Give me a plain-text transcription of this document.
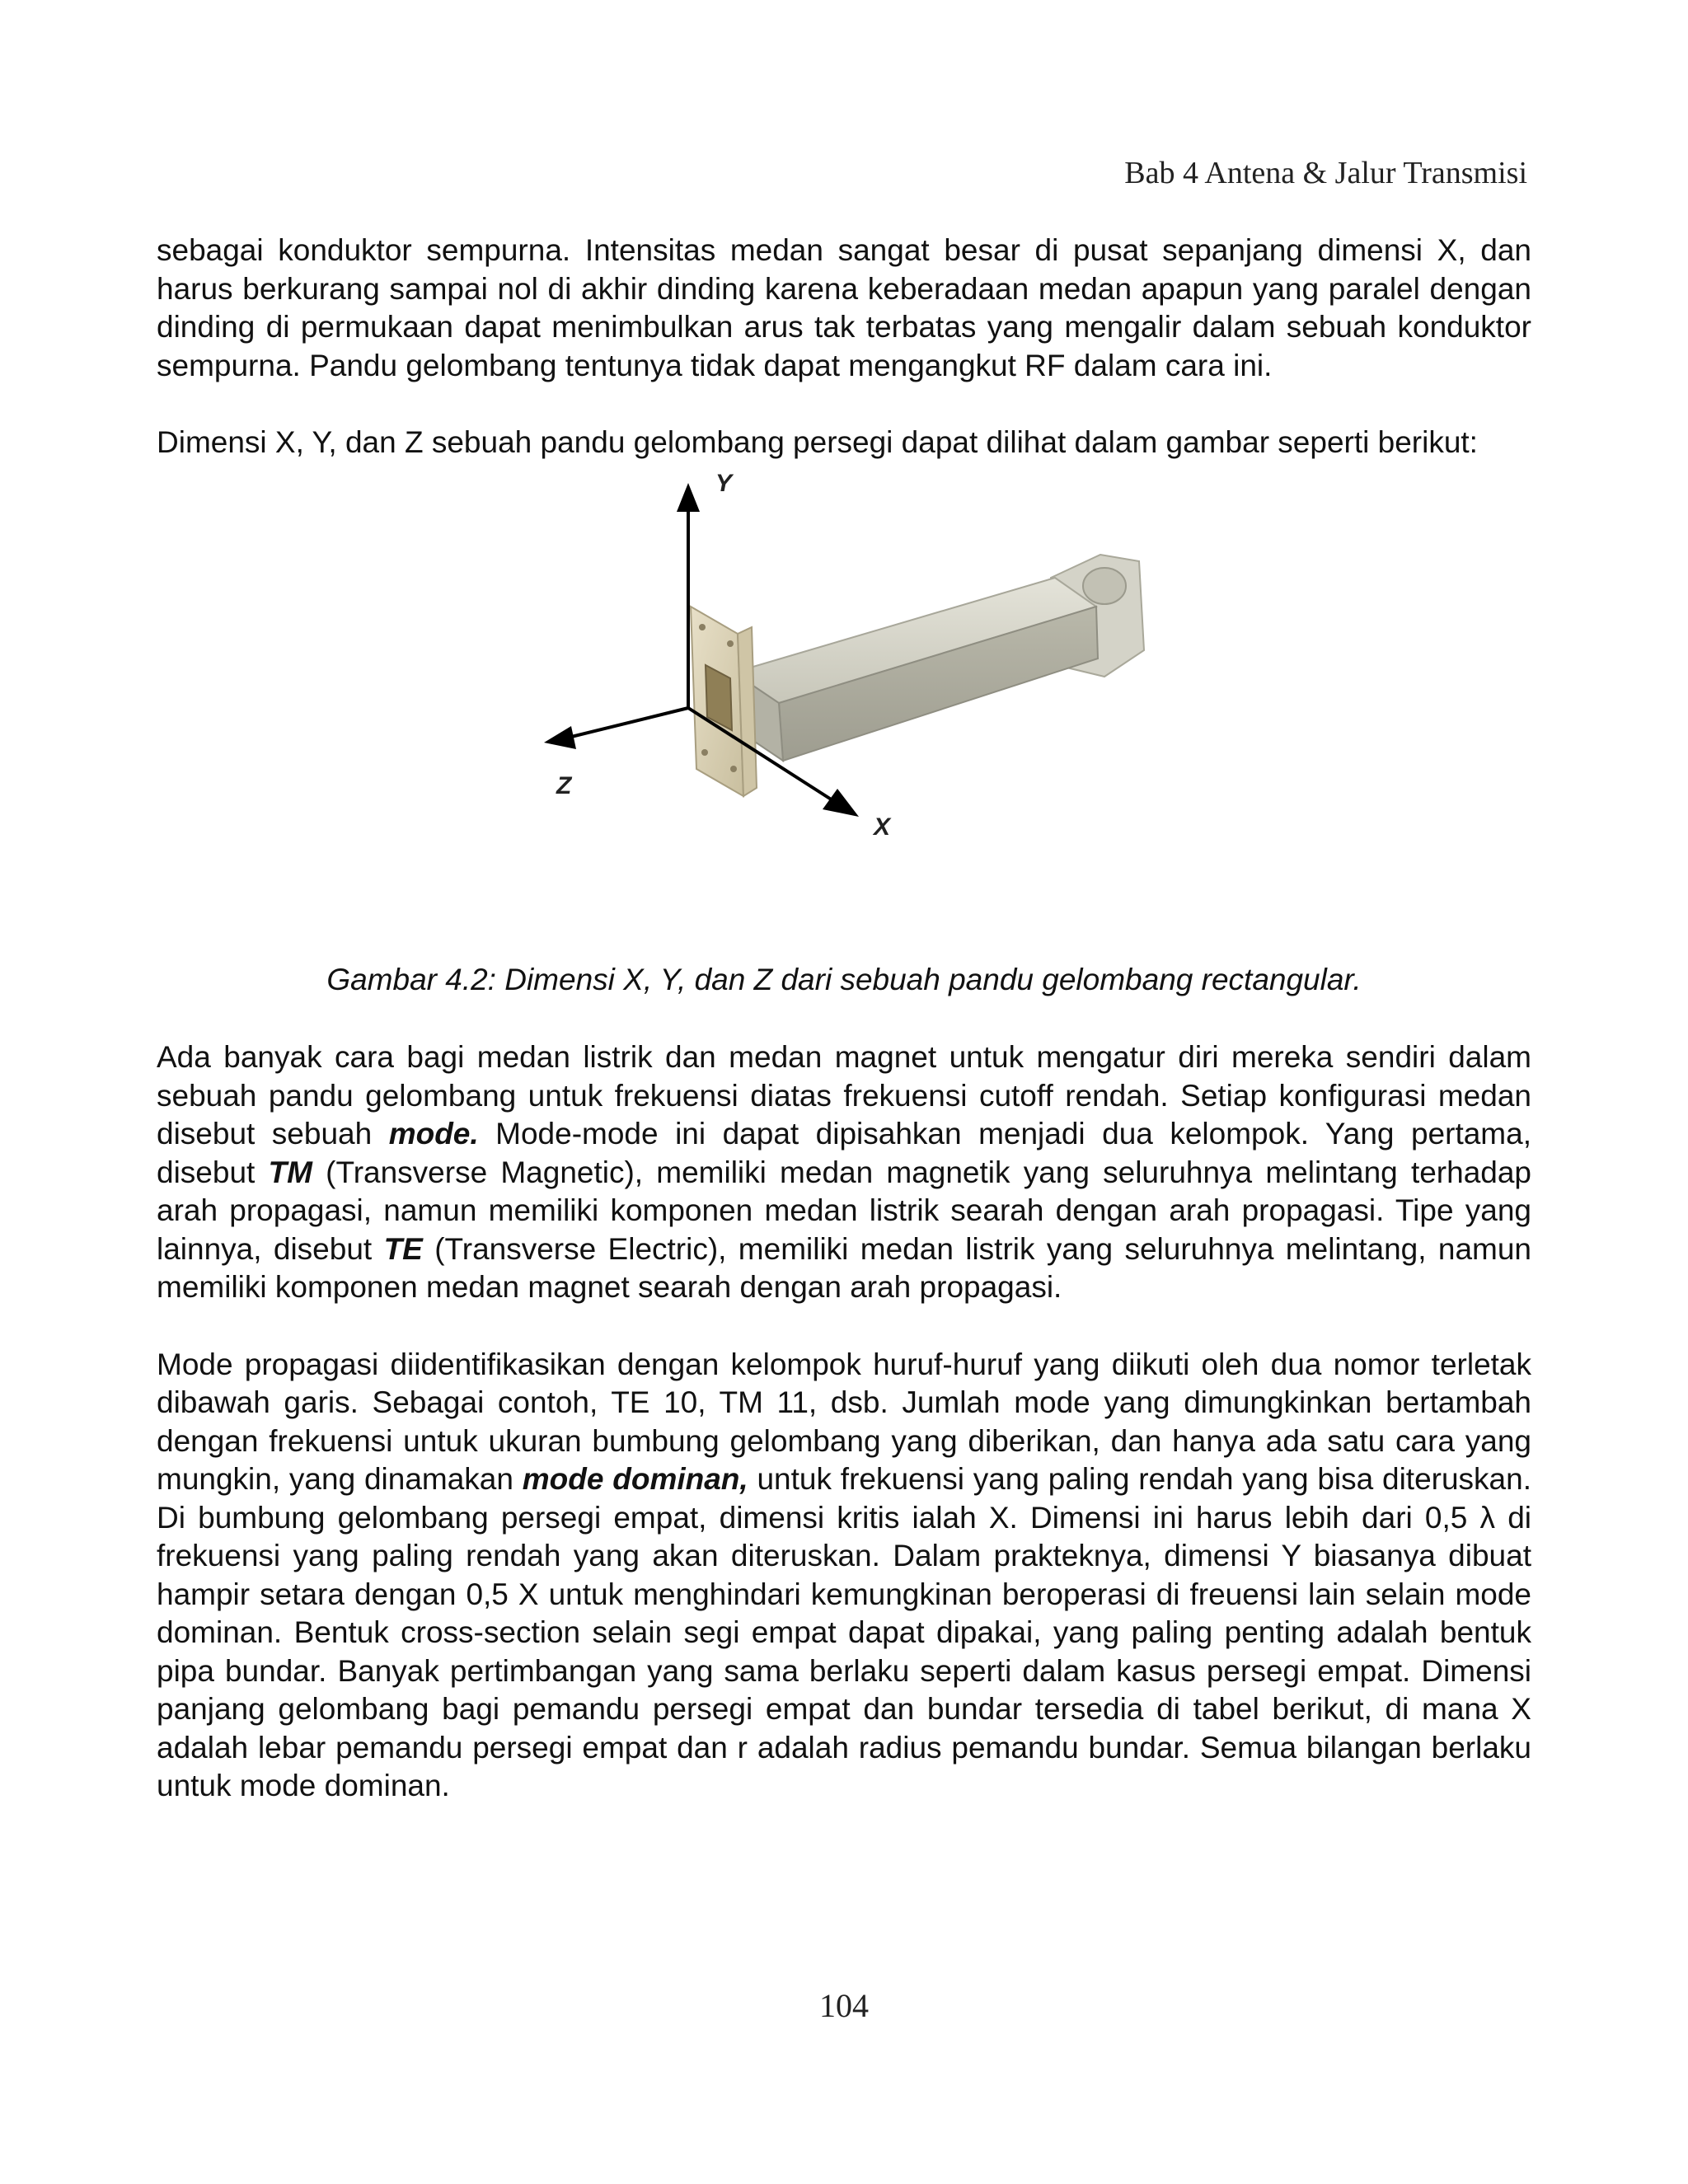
Bab 4 Antena & Jalur Transmisi

sebagai konduktor sempurna. Intensitas medan sangat besar di pusat sepanjang dimensi X, dan harus berkurang sampai nol di akhir dinding karena keberadaan medan apapun yang paralel dengan dinding di permukaan dapat menimbulkan arus tak terbatas yang mengalir dalam sebuah konduktor sempurna. Pandu gelombang tentunya tidak dapat mengangkut RF dalam cara ini.

Dimensi X, Y, dan Z sebuah pandu gelombang persegi dapat dilihat dalam gambar seperti berikut:

Y
Z
X

Gambar 4.2: Dimensi X, Y, dan Z dari sebuah pandu gelombang rectangular.

Ada banyak cara bagi medan listrik dan medan magnet untuk mengatur diri mereka sendiri dalam sebuah pandu gelombang untuk frekuensi diatas frekuensi cutoff rendah. Setiap konfigurasi medan disebut sebuah mode. Mode-mode ini dapat dipisahkan menjadi dua kelompok. Yang pertama, disebut TM (Transverse Magnetic), memiliki medan magnetik yang seluruhnya melintang terhadap arah propagasi, namun memiliki komponen medan listrik searah dengan arah propagasi. Tipe yang lainnya, disebut TE (Transverse Electric), memiliki medan listrik yang seluruhnya melintang, namun memiliki komponen medan magnet searah dengan arah propagasi.

Mode propagasi diidentifikasikan dengan kelompok huruf-huruf yang diikuti oleh dua nomor terletak dibawah garis. Sebagai contoh, TE 10, TM 11, dsb. Jumlah mode yang dimungkinkan bertambah dengan frekuensi untuk ukuran bumbung gelombang yang diberikan, dan hanya ada satu cara yang mungkin, yang dinamakan mode dominan, untuk frekuensi yang paling rendah yang bisa diteruskan. Di bumbung gelombang persegi empat, dimensi kritis ialah X. Dimensi ini harus lebih dari 0,5 λ di frekuensi yang paling rendah yang akan diteruskan. Dalam prakteknya, dimensi Y biasanya dibuat hampir setara dengan 0,5 X untuk menghindari kemungkinan beroperasi di freuensi lain selain mode dominan. Bentuk cross-section selain segi empat dapat dipakai, yang paling penting adalah bentuk pipa bundar. Banyak pertimbangan yang sama berlaku seperti dalam kasus persegi empat. Dimensi panjang gelombang bagi pemandu persegi empat dan bundar tersedia di tabel berikut, di mana X adalah lebar pemandu persegi empat dan r adalah radius pemandu bundar. Semua bilangan berlaku untuk mode dominan.

104
